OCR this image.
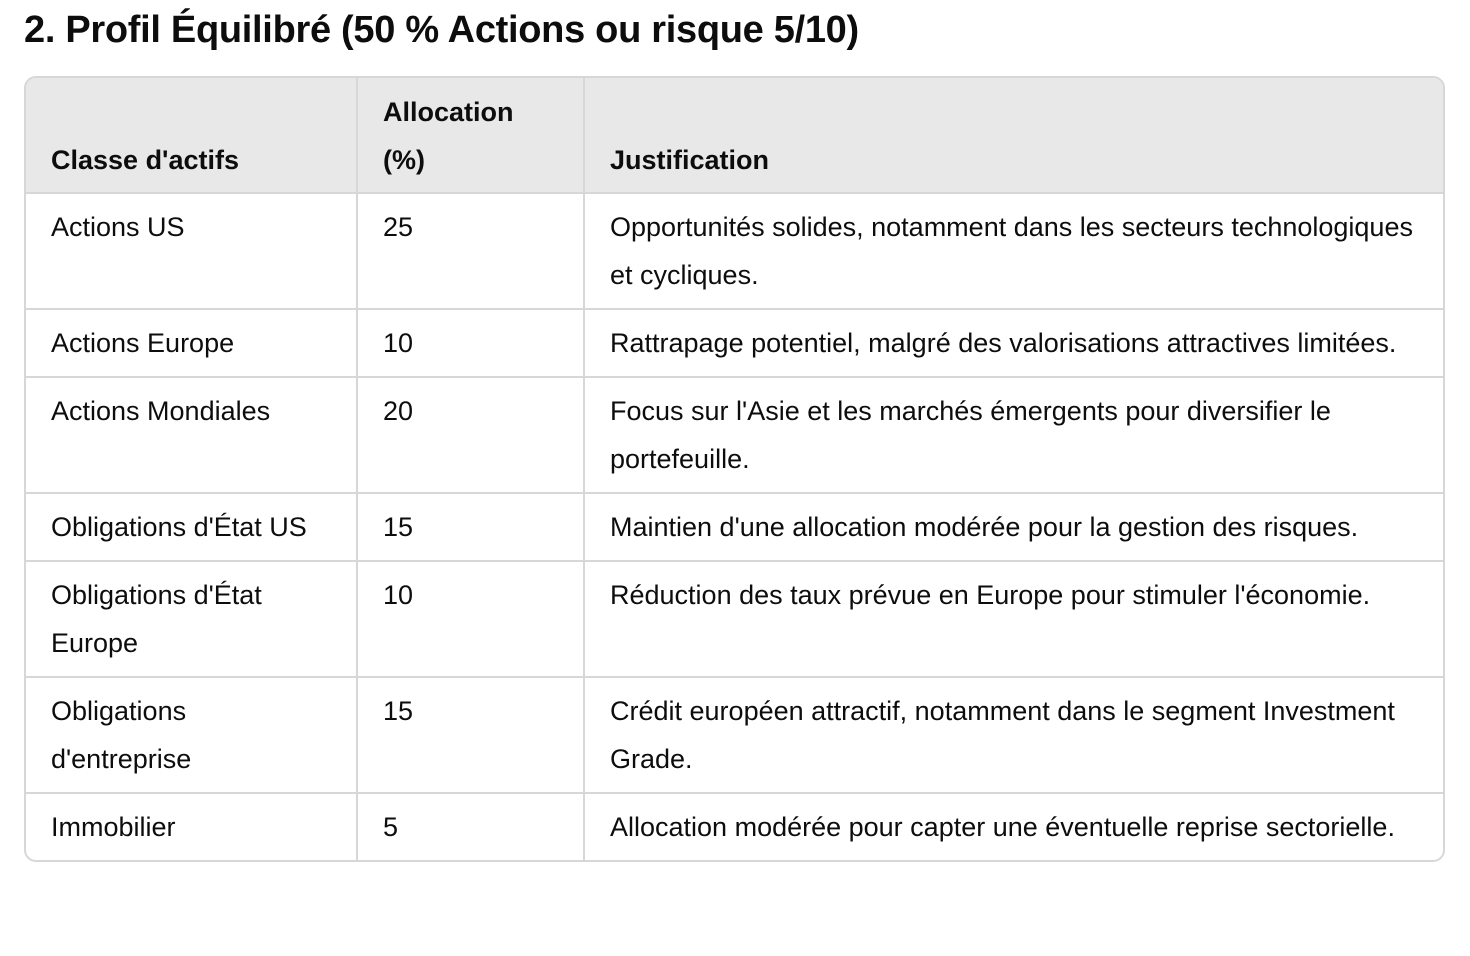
2. Profil Équilibré (50 % Actions ou risque 5/10)
Classe d'actifs	Allocation (%)	Justification
Actions US	25	Opportunités solides, notamment dans les secteurs technologiques et cycliques.
Actions Europe	10	Rattrapage potentiel, malgré des valorisations attractives limitées.
Actions Mondiales	20	Focus sur l'Asie et les marchés émergents pour diversifier le portefeuille.
Obligations d'État US	15	Maintien d'une allocation modérée pour la gestion des risques.
Obligations d'État Europe	10	Réduction des taux prévue en Europe pour stimuler l'économie.
Obligations d'entreprise	15	Crédit européen attractif, notamment dans le segment Investment Grade.
Immobilier	5	Allocation modérée pour capter une éventuelle reprise sectorielle.
